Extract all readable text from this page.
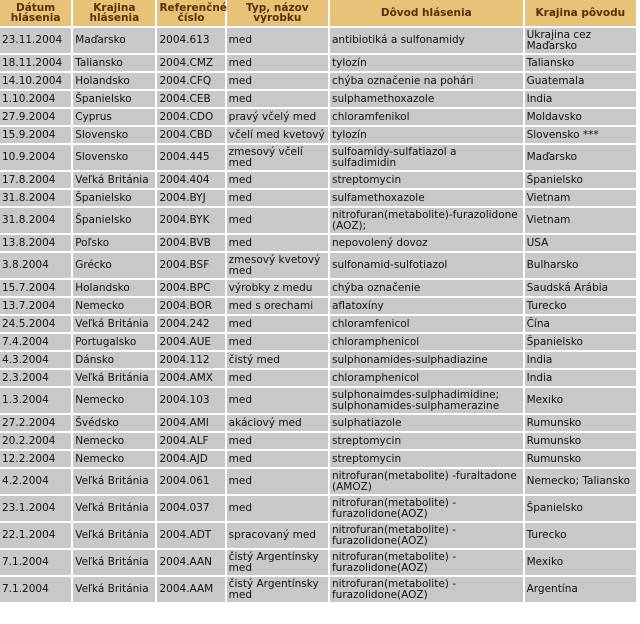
Dátum hlásenia	Krajina hlásenia	Referenčné číslo	Typ, názov výrobku	Dôvod hlásenia	Krajina pôvodu
23.11.2004	Maďarsko	2004.613	med	antibiotiká a sulfonamidy	Ukrajina cez Maďarsko
18.11.2004	Taliansko	2004.CMZ	med	tylozín	Taliansko
14.10.2004	Holandsko	2004.CFQ	med	chýba označenie na pohári	Guatemala
1.10.2004	Španielsko	2004.CEB	med	sulphamethoxazole	India
27.9.2004	Cyprus	2004.CDO	pravý včelý med	chloramfenikol	Moldavsko
15.9.2004	Slovensko	2004.CBD	včelí med kvetový	tylozín	Slovensko ***
10.9.2004	Slovensko	2004.445	zmesový včelí med	sulfoamidy-sulfatiazol a sulfadimidin	Maďarsko
17.8.2004	Veľká Británia	2004.404	med	streptomycin	Španielsko
31.8.2004	Španielsko	2004.BYJ	med	sulfamethoxazole	Vietnam
31.8.2004	Španielsko	2004.BYK	med	nitrofuran(metabolite)-furazolidone (AOZ);	Vietnam
13.8.2004	Poľsko	2004.BVB	med	nepovolený dovoz	USA
3.8.2004	Grécko	2004.BSF	zmesový kvetový med	sulfonamid-sulfotiazol	Bulharsko
15.7.2004	Holandsko	2004.BPC	výrobky z medu	chýba označenie	Saudská Arábia
13.7.2004	Nemecko	2004.BOR	med s orechami	aflatoxíny	Turecko
24.5.2004	Veľká Británia	2004.242	med	chloramfenicol	Čína
7.4.2004	Portugalsko	2004.AUE	med	chloramphenicol	Španielsko
4.3.2004	Dánsko	2004.112	čistý med	sulphonamides-sulphadiazine	India
2.3.2004	Veľká Británia	2004.AMX	med	chloramphenicol	India
1.3.2004	Nemecko	2004.103	med	sulphonaimdes-sulphadimidine; sulphonamides-sulphamerazine	Mexiko
27.2.2004	Švédsko	2004.AMI	akáciový med	sulphatiazole	Rumunsko
20.2.2004	Nemecko	2004.ALF	med	streptomycin	Rumunsko
12.2.2004	Nemecko	2004.AJD	med	streptomycin	Rumunsko
4.2.2004	Veľká Británia	2004.061	med	nitrofuran(metabolite) -furaltadone (AMOZ)	Nemecko; Taliansko
23.1.2004	Veľká Británia	2004.037	med	nitrofuran(metabolite) - furazolidone(AOZ)	Španielsko
22.1.2004	Veľká Británia	2004.ADT	spracovaný med	nitrofuran(metabolite) - furazolidone(AOZ)	Turecko
7.1.2004	Veľká Británia	2004.AAN	čistý Argentínsky med	nitrofuran(metabolite) - furazolidone(AOZ)	Mexiko
7.1.2004	Veľká Británia	2004.AAM	čistý Argentínsky med	nitrofuran(metabolite) - furazolidone(AOZ)	Argentína
